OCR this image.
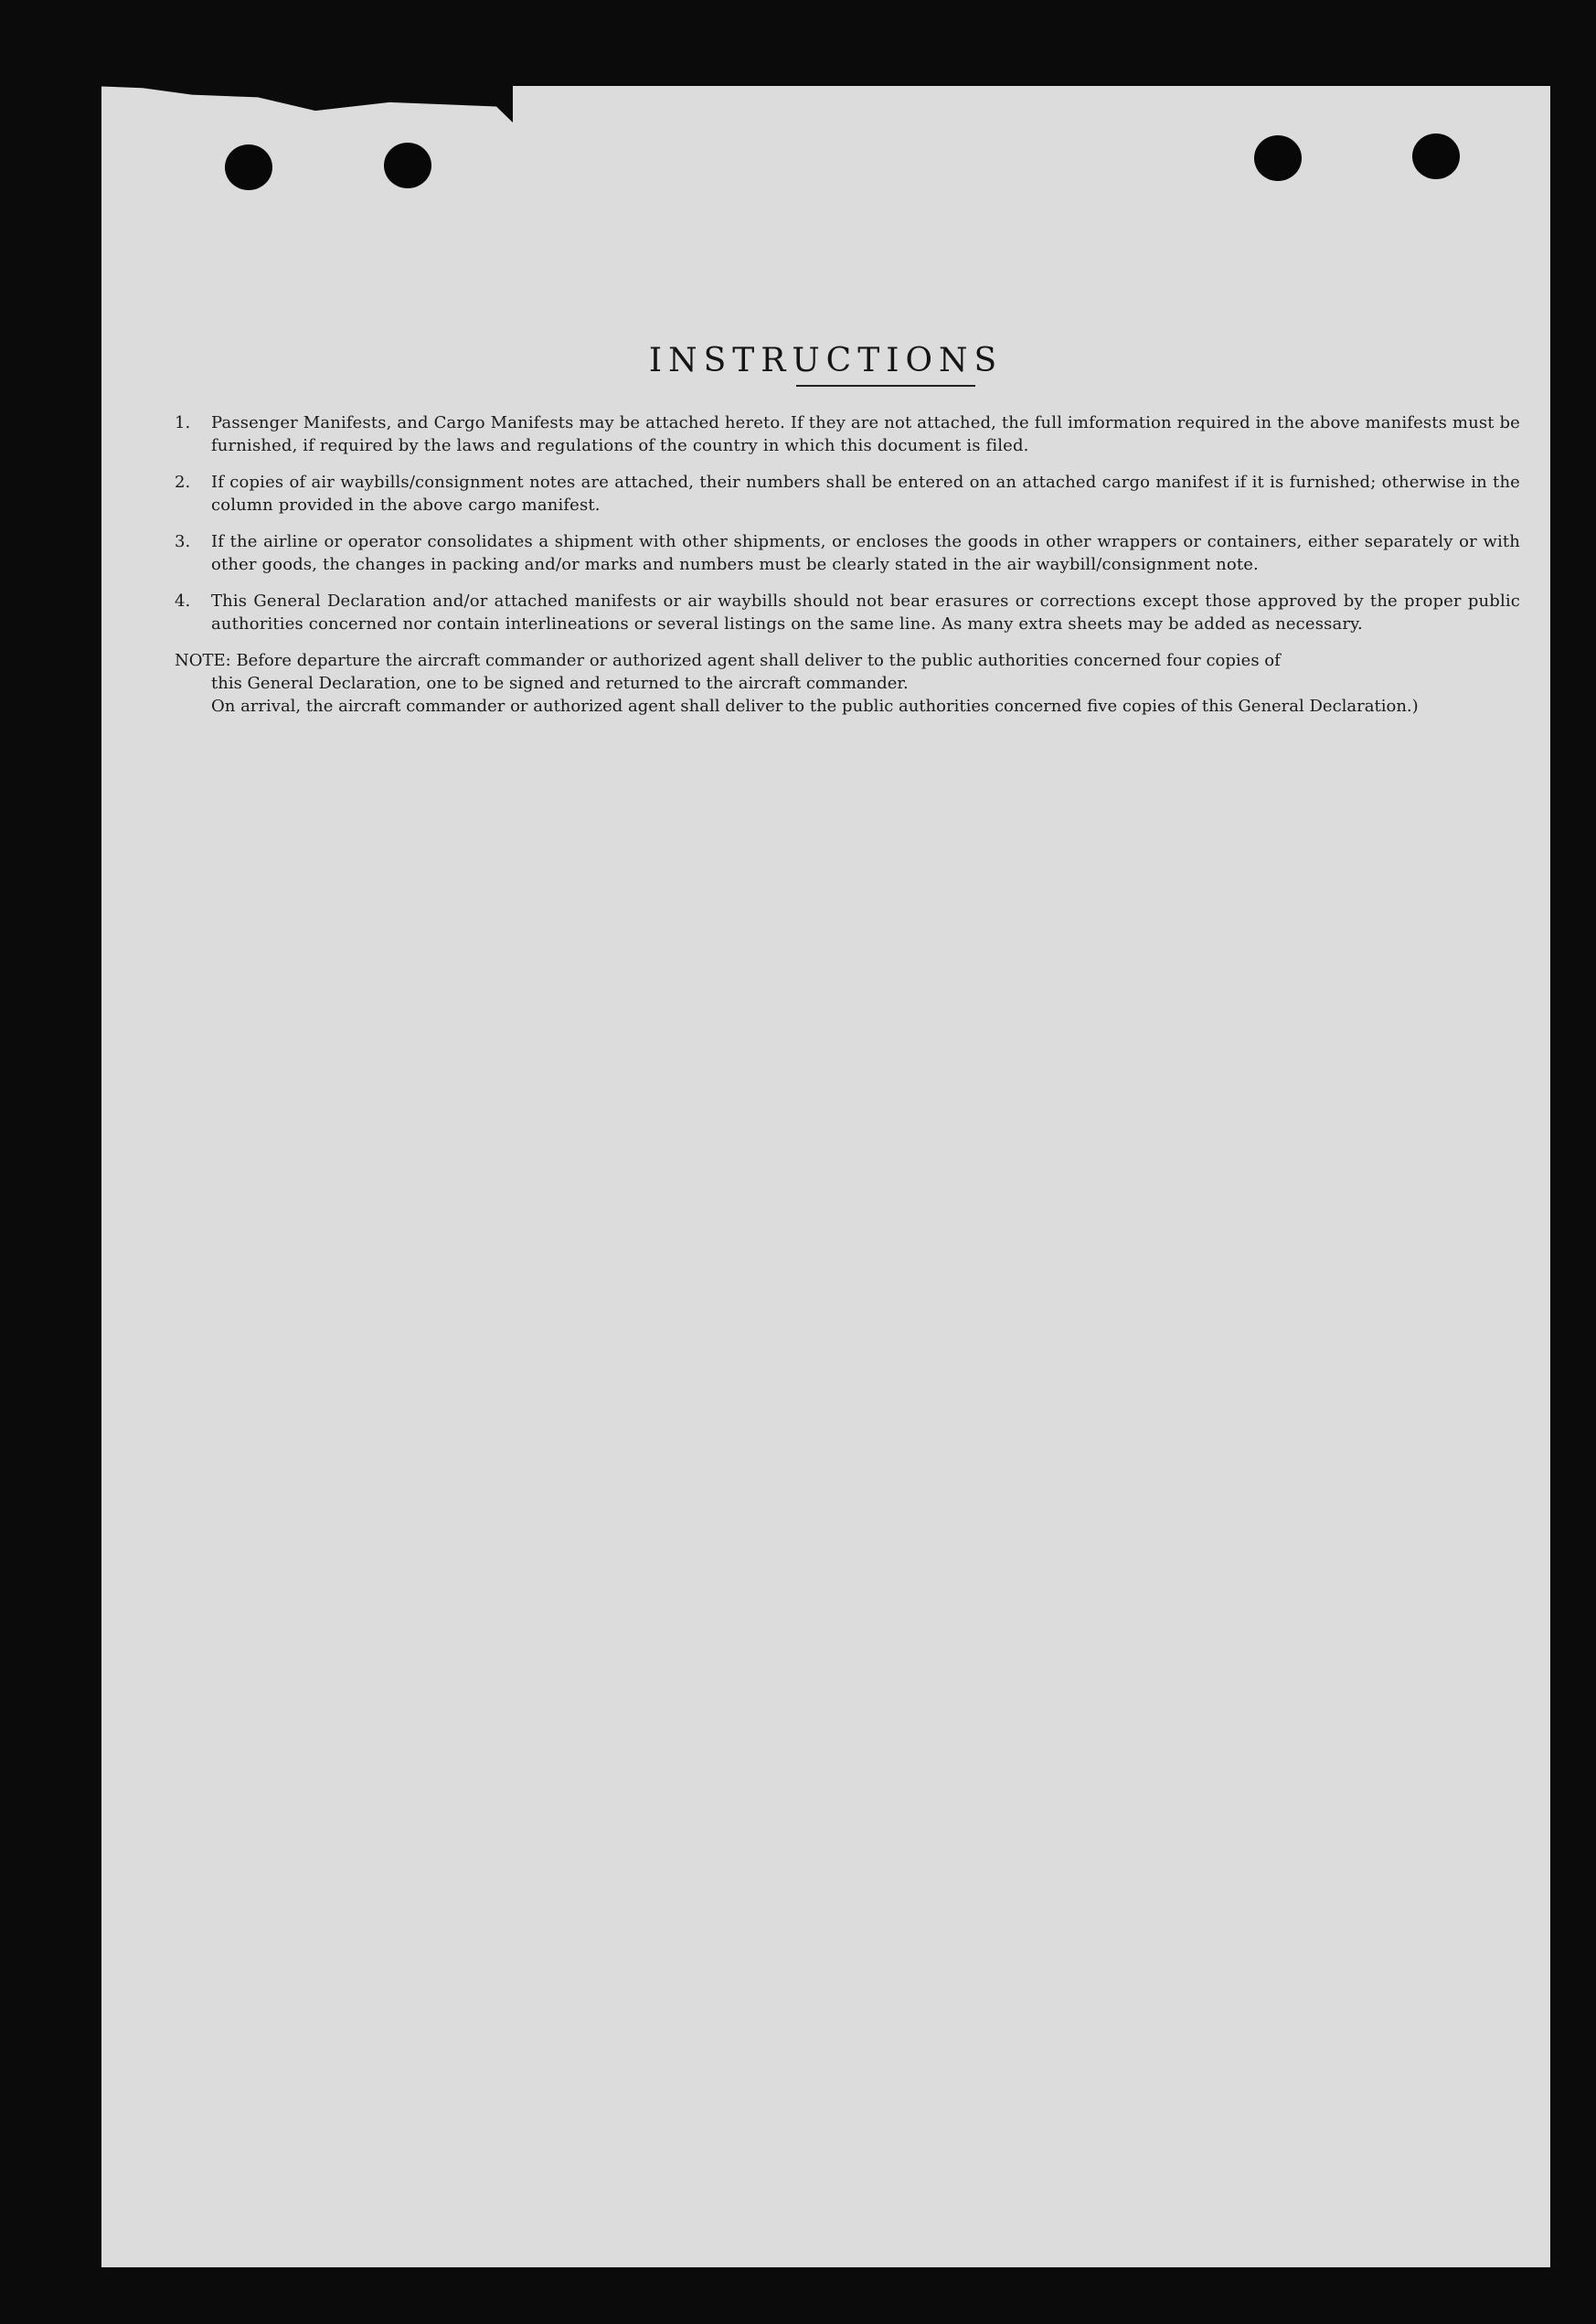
INSTRUCTIONS
1.	Passenger Manifests, and Cargo Manifests may be attached hereto. If they are not attached, the full imformation required in the above manifests must be furnished, if required by the laws and regulations of the country in which this document is filed.
2.	If copies of air waybills/consignment notes are attached, their numbers shall be entered on an attached cargo manifest if it is furnished; otherwise in the column provided in the above cargo manifest.
3.	If the airline or operator consolidates a shipment with other shipments, or encloses the goods in other wrappers or containers, either separately or with other goods, the changes in packing and/or marks and numbers must be clearly stated in the air waybill/consignment note.
4.	This General Declaration and/or attached manifests or air waybills should not bear erasures or corrections except those approved by the proper public authorities concerned nor contain interlineations or several listings on the same line. As many extra sheets may be added as necessary.
NOTE: Before departure the aircraft commander or authorized agent shall deliver to the public authorities concerned four copies of
this General Declaration, one to be signed and returned to the aircraft commander.
On arrival, the aircraft commander or authorized agent shall deliver to the public authorities concerned five copies of this General Declaration.)
